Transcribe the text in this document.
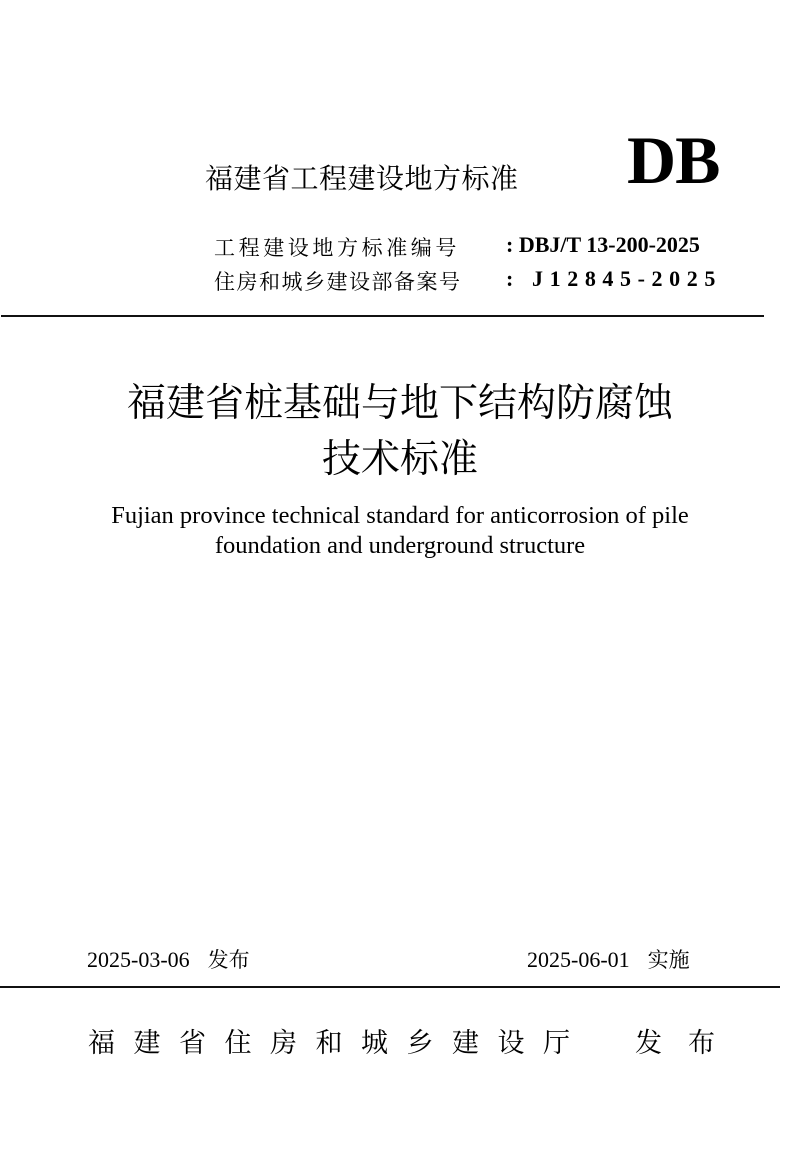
福建省工程建设地方标准 DB
工程建设地方标准编号 : DBJ/T 13-200-2025
住房和城乡建设部备案号 : J12845-2025
福建省桩基础与地下结构防腐蚀
技术标准
Fujian province technical standard for anticorrosion of pile
foundation and underground structure
2025-03-06 发布	2025-06-01 实施
福建省住房和城乡建设厅 发布
